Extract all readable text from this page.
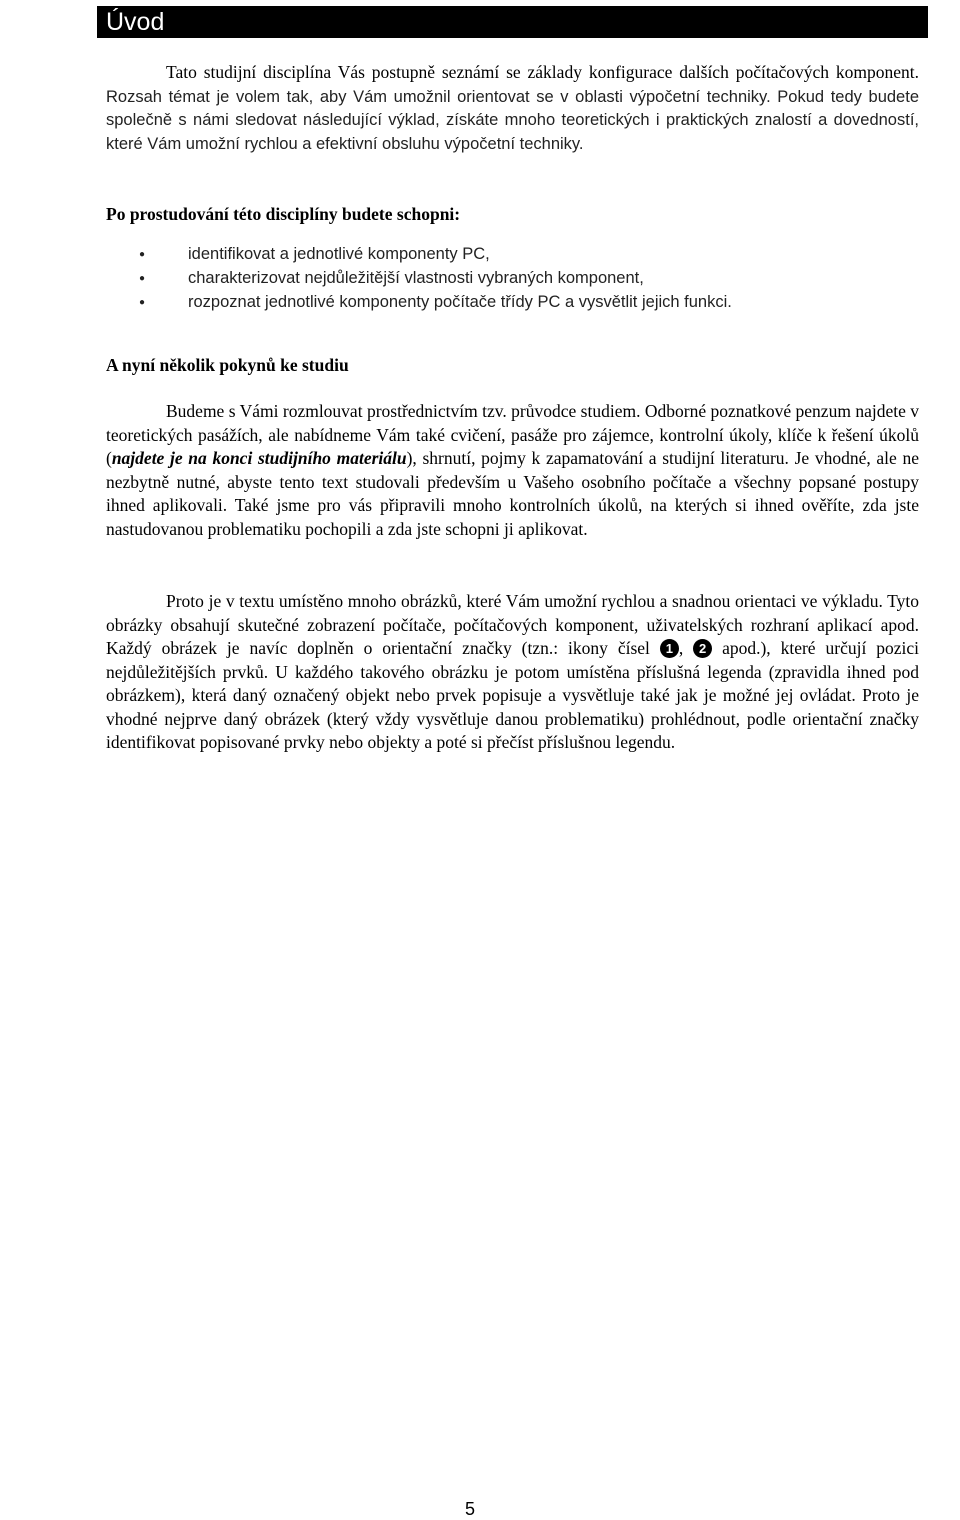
Úvod

Tato studijní disciplína Vás postupně seznámí se základy konfigurace dalších počítačových komponent. Rozsah témat je volem tak, aby Vám umožnil orientovat se v oblasti výpočetní techniky. Pokud tedy budete společně s námi sledovat následující výklad, získáte mnoho teoretických i praktických znalostí a dovedností, které Vám umožní rychlou a efektivní obsluhu výpočetní techniky.

Po prostudování této disciplíny budete schopni:
●	identifikovat a jednotlivé komponenty PC,
●	charakterizovat nejdůležitější vlastnosti vybraných komponent,
●	rozpoznat jednotlivé komponenty počítače třídy PC a vysvětlit jejich funkci.
A nyní několik pokynů ke studiu

Budeme s Vámi rozmlouvat prostřednictvím tzv. průvodce studiem. Odborné poznatkové penzum najdete v teoretických pasážích, ale nabídneme Vám také cvičení, pasáže pro zájemce, kontrolní úkoly, klíče k řešení úkolů (najdete je na konci studijního materiálu), shrnutí, pojmy k zapamatování a studijní literaturu. Je vhodné, ale ne nezbytně nutné, abyste tento text studovali především u Vašeho osobního počítače a všechny popsané postupy ihned aplikovali. Také jsme pro vás připravili mnoho kontrolních úkolů, na kterých si ihned ověříte, zda jste nastudovanou problematiku pochopili a zda jste schopni ji aplikovat.

Proto je v textu umístěno mnoho obrázků, které Vám umožní rychlou a snadnou orientaci ve výkladu. Tyto obrázky obsahují skutečné zobrazení počítače, počítačových komponent, uživatelských rozhraní aplikací apod. Každý obrázek je navíc doplněn o orientační značky (tzn.: ikony čísel 1 , 2 apod.), které určují pozici nejdůležitějších prvků. U každého takového obrázku je potom umístěna příslušná legenda (zpravidla ihned pod obrázkem), která daný označený objekt nebo prvek popisuje a vysvětluje také jak je možné jej ovládat. Proto je vhodné nejprve daný obrázek (který vždy vysvětluje danou problematiku) prohlédnout, podle orientační značky identifikovat popisované prvky nebo objekty a poté si přečíst příslušnou legendu.

5
